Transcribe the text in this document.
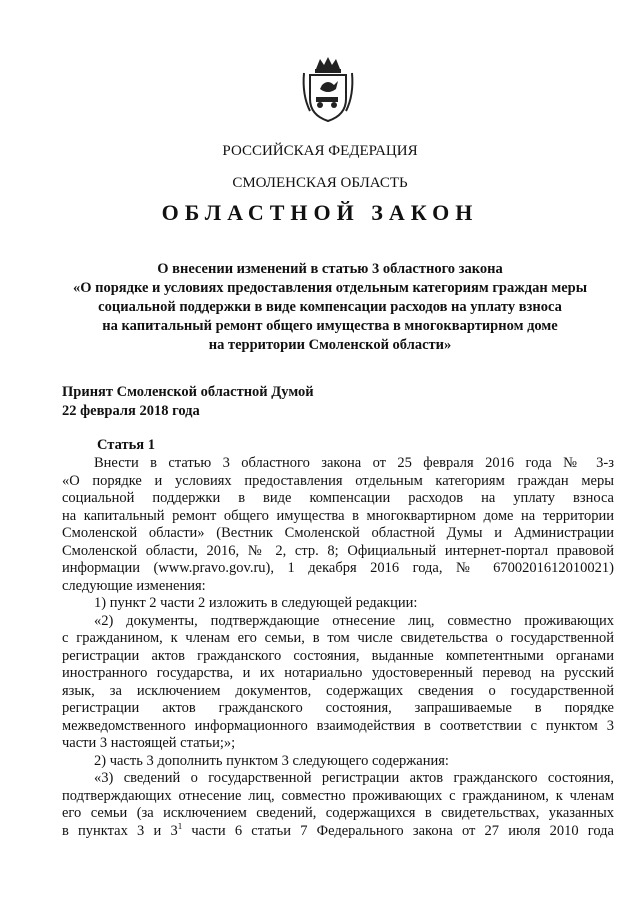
РОССИЙСКАЯ ФЕДЕРАЦИЯ
СМОЛЕНСКАЯ ОБЛАСТЬ
ОБЛАСТНОЙ ЗАКОН
О внесении изменений в статью 3 областного закона
«О порядке и условиях предоставления отдельным категориям граждан меры
социальной поддержки в виде компенсации расходов на уплату взноса
на капитальный ремонт общего имущества в многоквартирном доме
на территории Смоленской области»
Принят Смоленской областной Думой
22 февраля 2018 года
Статья 1
Внести в статью 3 областного закона от 25 февраля 2016 года № 3-з
«О порядке и условиях предоставления отдельным категориям граждан меры
социальной поддержки в виде компенсации расходов на уплату взноса
на капитальный ремонт общего имущества в многоквартирном доме на территории
Смоленской области» (Вестник Смоленской областной Думы и Администрации
Смоленской области, 2016, № 2, стр. 8; Официальный интернет-портал правовой
информации (www.pravo.gov.ru), 1 декабря 2016 года, № 6700201612010021)
следующие изменения:
1) пункт 2 части 2 изложить в следующей редакции:
«2) документы, подтверждающие отнесение лиц, совместно проживающих
с гражданином, к членам его семьи, в том числе свидетельства о государственной
регистрации актов гражданского состояния, выданные компетентными органами
иностранного государства, и их нотариально удостоверенный перевод на русский
язык, за исключением документов, содержащих сведения о государственной
регистрации актов гражданского состояния, запрашиваемые в порядке
межведомственного информационного взаимодействия в соответствии с пунктом 3
части 3 настоящей статьи;»;
2) часть 3 дополнить пунктом 3 следующего содержания:
«3) сведений о государственной регистрации актов гражданского состояния,
подтверждающих отнесение лиц, совместно проживающих с гражданином, к членам
его семьи (за исключением сведений, содержащихся в свидетельствах, указанных
в пунктах 3 и $3^1$ части 6 статьи 7 Федерального закона от 27 июля 2010 года
